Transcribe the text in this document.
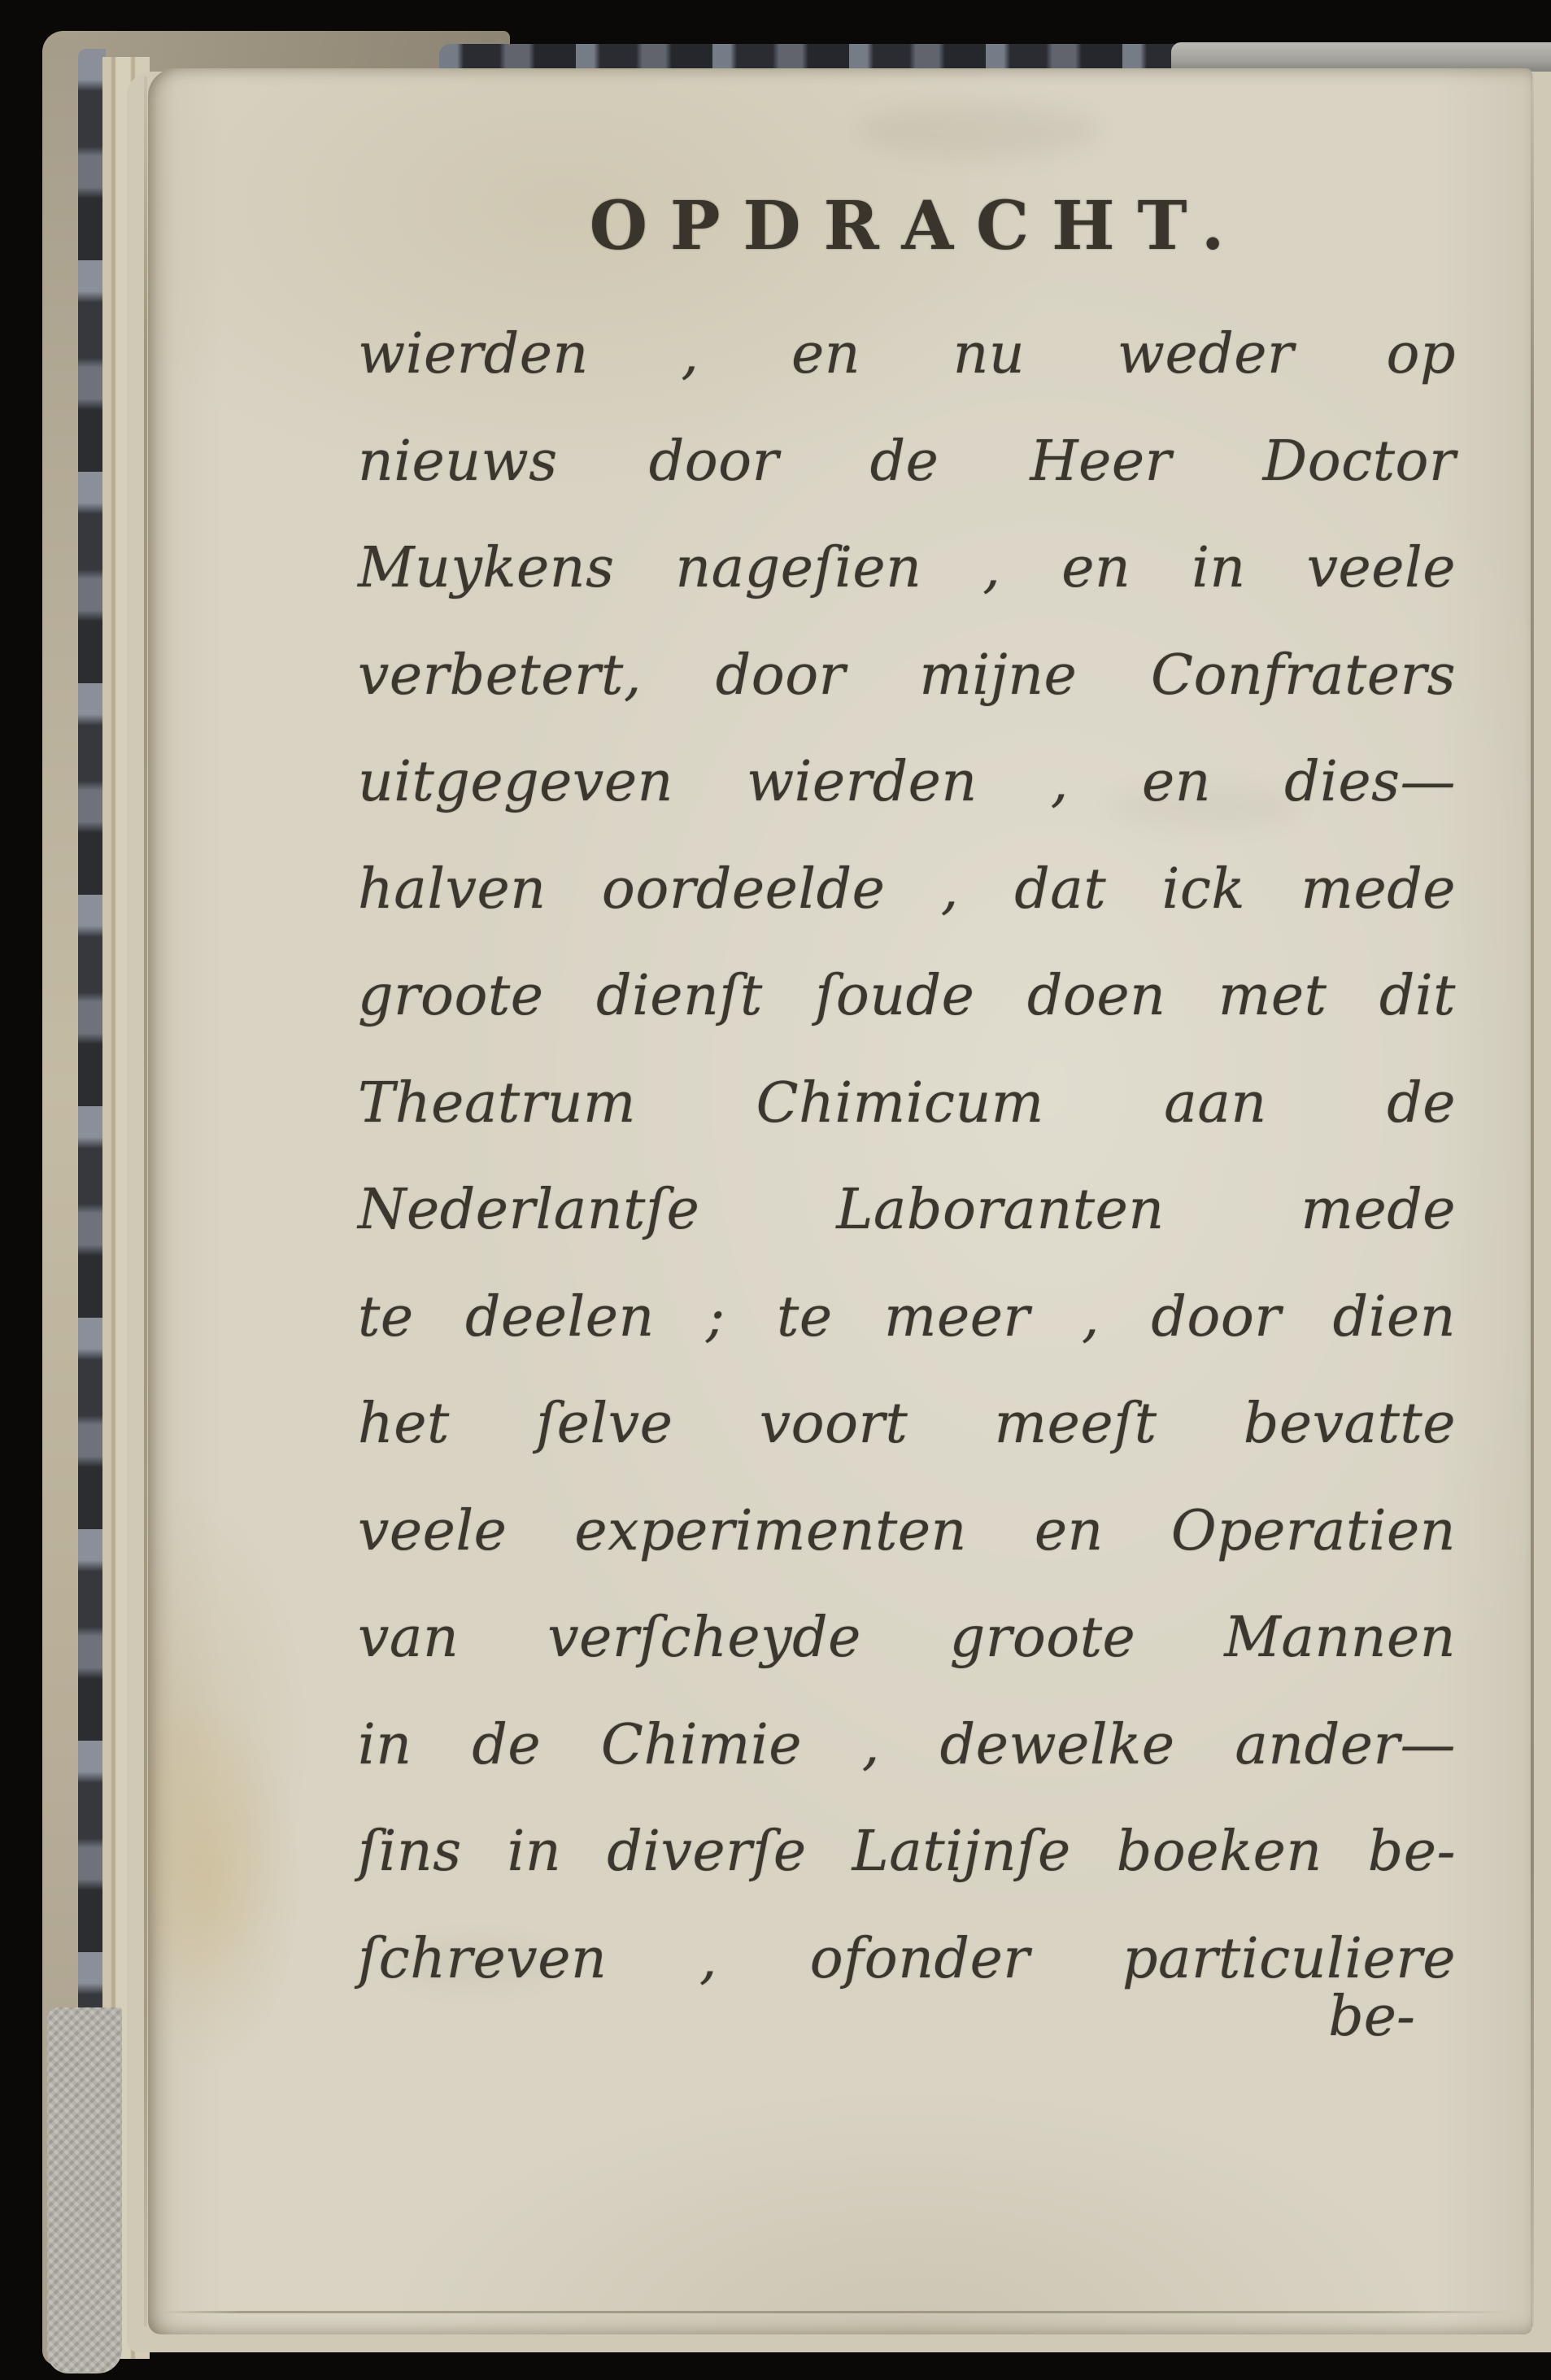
OPDRACHT.
wierden , en nu weder op
nieuws door de Heer Doctor
Muykens nageſien , en in veele
verbetert, door mijne Confraters
uitgegeven wierden , en dies—
halven oordeelde , dat ick mede
groote dienſt ſoude doen met dit
Theatrum Chimicum aan de
Nederlantſe Laboranten mede
te deelen ; te meer , door dien
het ſelve voort meeſt bevatte
veele experimenten en Operatien
van verſcheyde groote Mannen
in de Chimie , dewelke ander—
ſins in diverſe Latijnſe boeken be-
ſchreven , ofonder particuliere
be-
